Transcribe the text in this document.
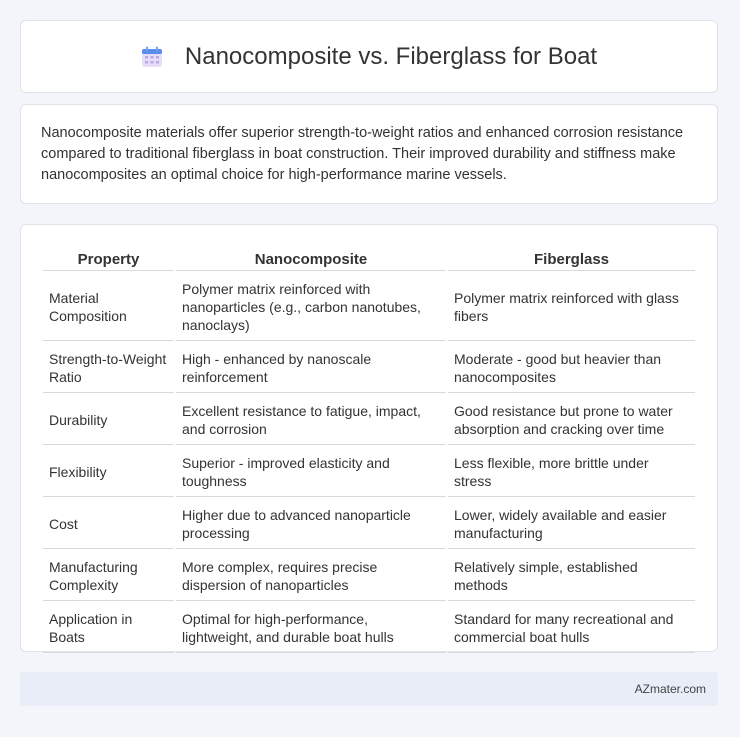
Nanocomposite vs. Fiberglass for Boat

Nanocomposite materials offer superior strength-to-weight ratios and enhanced corrosion resistance compared to traditional fiberglass in boat construction. Their improved durability and stiffness make nanocomposites an optimal choice for high-performance marine vessels.

Property	Nanocomposite	Fiberglass
Material Composition	Polymer matrix reinforced with nanoparticles (e.g., carbon nanotubes, nanoclays)	Polymer matrix reinforced with glass fibers
Strength-to-Weight Ratio	High - enhanced by nanoscale reinforcement	Moderate - good but heavier than nanocomposites
Durability	Excellent resistance to fatigue, impact, and corrosion	Good resistance but prone to water absorption and cracking over time
Flexibility	Superior - improved elasticity and toughness	Less flexible, more brittle under stress
Cost	Higher due to advanced nanoparticle processing	Lower, widely available and easier manufacturing
Manufacturing Complexity	More complex, requires precise dispersion of nanoparticles	Relatively simple, established methods
Application in Boats	Optimal for high-performance, lightweight, and durable boat hulls	Standard for many recreational and commercial boat hulls
AZmater.com
